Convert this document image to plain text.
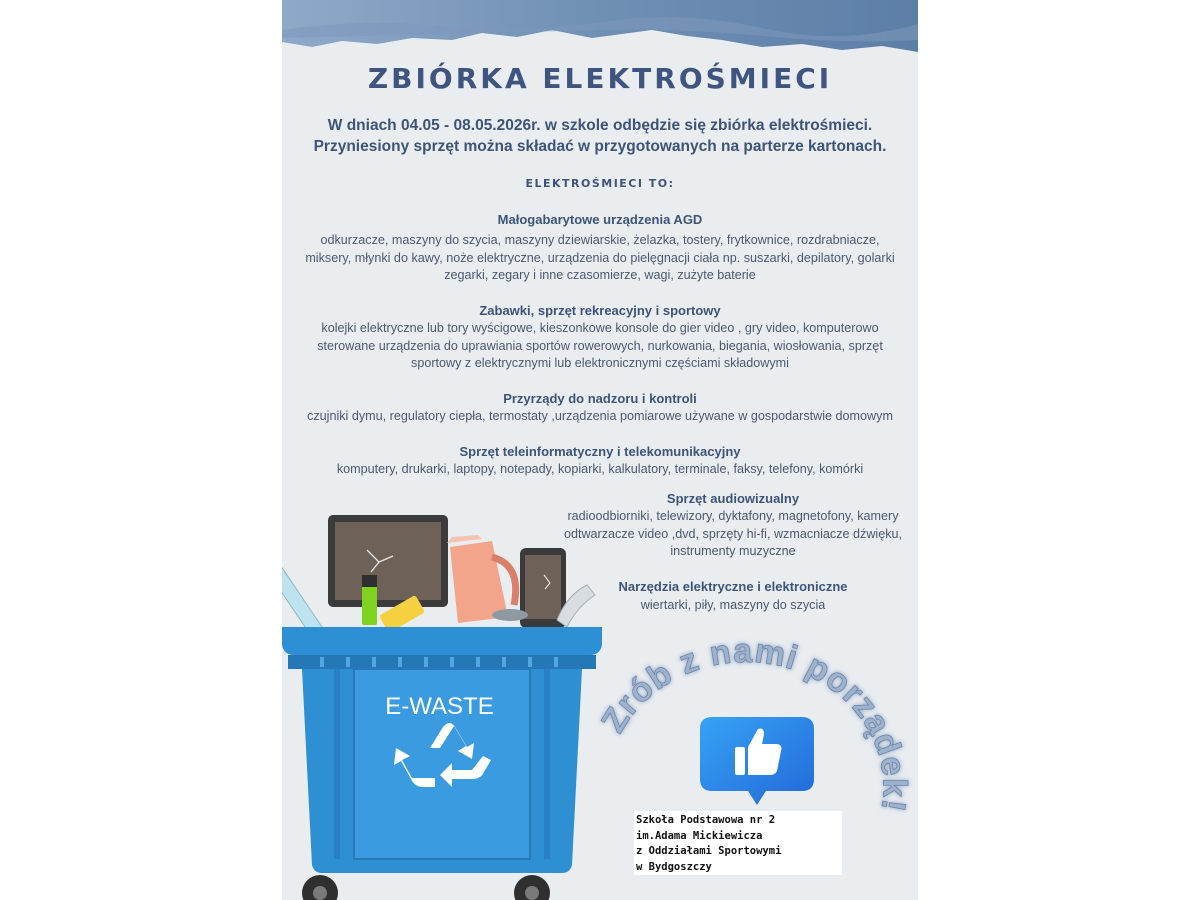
ZBIÓRKA ELEKTROŚMIECI
W dniach 04.05 - 08.05.2026r. w szkole odbędzie się zbiórka elektrośmieci.
Przyniesiony sprzęt można składać w przygotowanych na parterze kartonach.
ELEKTROŚMIECI TO:
Małogabarytowe urządzenia AGD
odkurzacze, maszyny do szycia, maszyny dziewiarskie, żelazka, tostery, frytkownice, rozdrabniacze,
miksery, młynki do kawy, noże elektryczne, urządzenia do pielęgnacji ciała np. suszarki, depilatory, golarki
zegarki, zegary i inne czasomierze, wagi, zużyte baterie
Zabawki, sprzęt rekreacyjny i sportowy
kolejki elektryczne lub tory wyścigowe, kieszonkowe konsole do gier video , gry video, komputerowo
sterowane urządzenia do uprawiania sportów rowerowych, nurkowania, biegania, wiosłowania, sprzęt
sportowy z elektrycznymi lub elektronicznymi częściami składowymi
Przyrządy do nadzoru i kontroli
czujniki dymu, regulatory ciepła, termostaty ,urządzenia pomiarowe używane w gospodarstwie domowym
Sprzęt teleinformatyczny i telekomunikacyjny
komputery, drukarki, laptopy, notepady, kopiarki, kalkulatory, terminale, faksy, telefony, komórki
Sprzęt audiowizualny
radioodbiorniki, telewizory, dyktafony, magnetofony, kamery
odtwarzacze video ,dvd, sprzęty hi-fi, wzmacniacze dźwięku,
instrumenty muzyczne
Narzędzia elektryczne i elektroniczne
wiertarki, piły, maszyny do szycia
E-WASTE	Zrób z nami porządek!
Szkoła Podstawowa nr 2
im.Adama Mickiewicza
z Oddziałami Sportowymi
w Bydgoszczy
